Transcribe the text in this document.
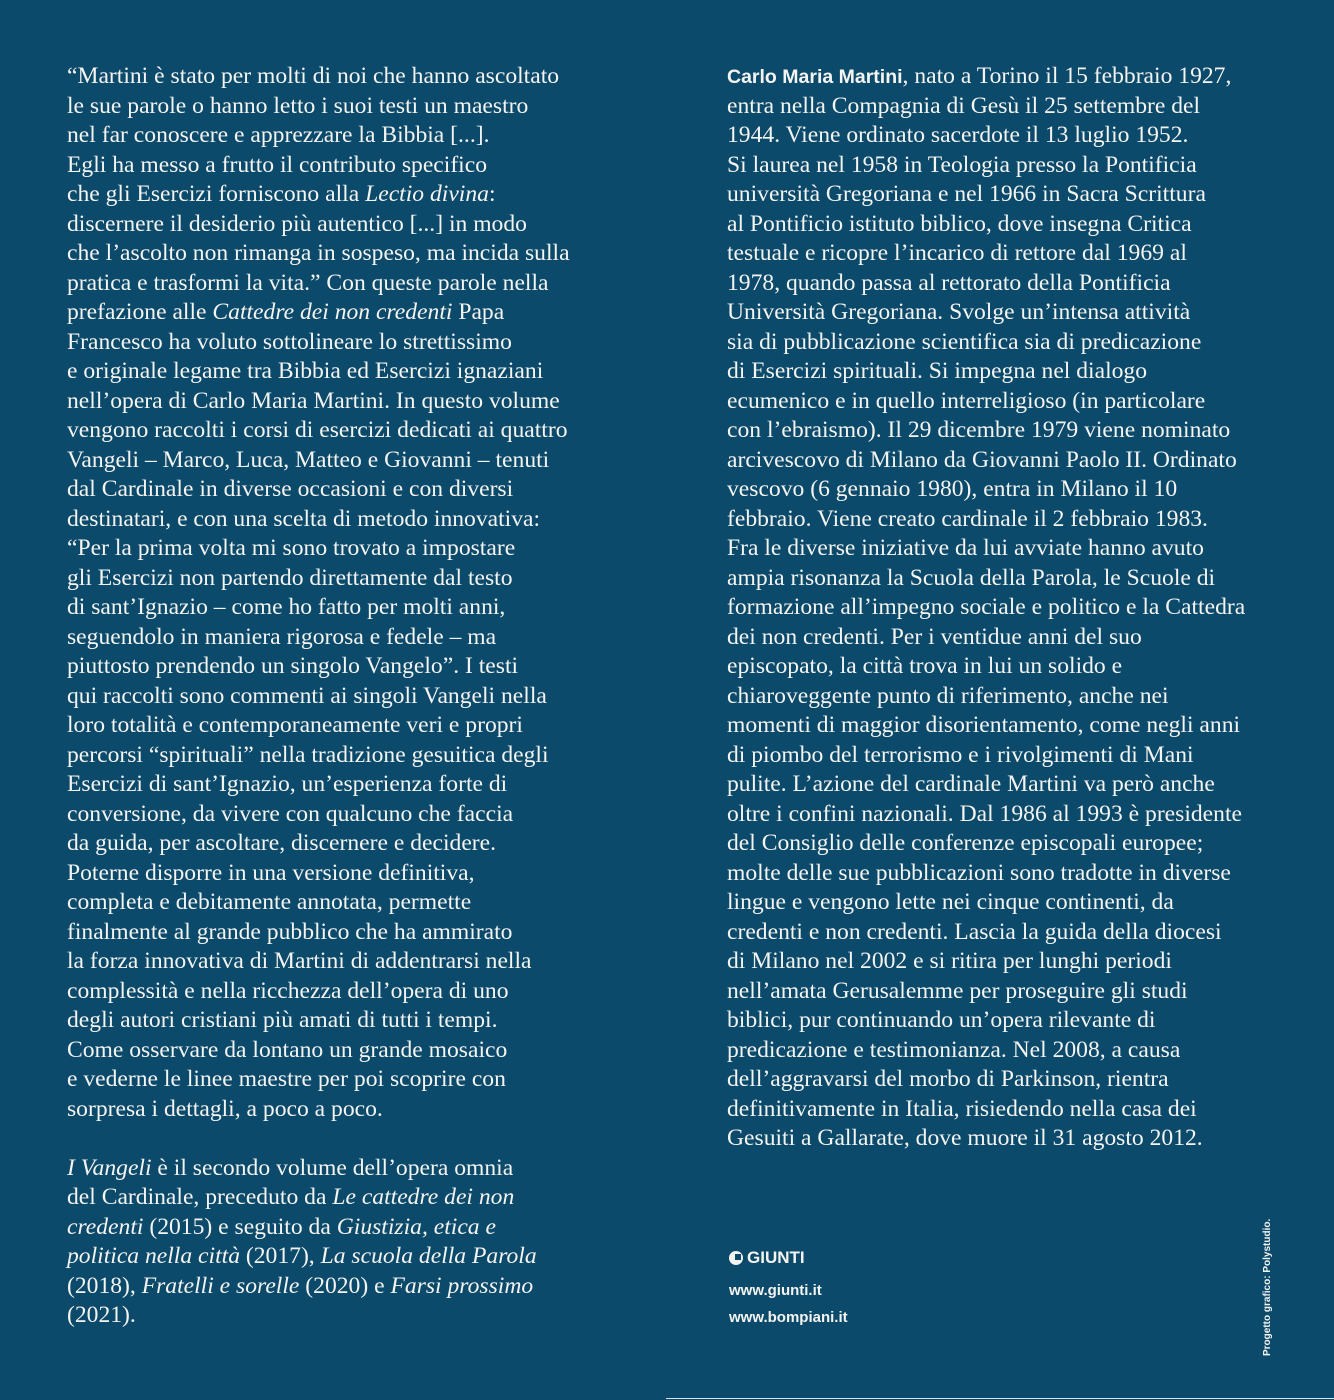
“Martini è stato per molti di noi che hanno ascoltato
le sue parole o hanno letto i suoi testi un maestro
nel far conoscere e apprezzare la Bibbia [...].
Egli ha messo a frutto il contributo specifico
che gli Esercizi forniscono alla Lectio divina:
discernere il desiderio più autentico [...] in modo
che l’ascolto non rimanga in sospeso, ma incida sulla
pratica e trasformi la vita.” Con queste parole nella
prefazione alle Cattedre dei non credenti Papa
Francesco ha voluto sottolineare lo strettissimo
e originale legame tra Bibbia ed Esercizi ignaziani
nell’opera di Carlo Maria Martini. In questo volume
vengono raccolti i corsi di esercizi dedicati ai quattro
Vangeli – Marco, Luca, Matteo e Giovanni – tenuti
dal Cardinale in diverse occasioni e con diversi
destinatari, e con una scelta di metodo innovativa:
“Per la prima volta mi sono trovato a impostare
gli Esercizi non partendo direttamente dal testo
di sant’Ignazio – come ho fatto per molti anni,
seguendolo in maniera rigorosa e fedele – ma
piuttosto prendendo un singolo Vangelo”. I testi
qui raccolti sono commenti ai singoli Vangeli nella
loro totalità e contemporaneamente veri e propri
percorsi “spirituali” nella tradizione gesuitica degli
Esercizi di sant’Ignazio, un’esperienza forte di
conversione, da vivere con qualcuno che faccia
da guida, per ascoltare, discernere e decidere.
Poterne disporre in una versione definitiva,
completa e debitamente annotata, permette
finalmente al grande pubblico che ha ammirato
la forza innovativa di Martini di addentrarsi nella
complessità e nella ricchezza dell’opera di uno
degli autori cristiani più amati di tutti i tempi.
Come osservare da lontano un grande mosaico
e vederne le linee maestre per poi scoprire con
sorpresa i dettagli, a poco a poco.
I Vangeli è il secondo volume dell’opera omnia
del Cardinale, preceduto da Le cattedre dei non
credenti (2015) e seguito da Giustizia, etica e
politica nella città (2017), La scuola della Parola
(2018), Fratelli e sorelle (2020) e Farsi prossimo
(2021).
Carlo Maria Martini, nato a Torino il 15 febbraio 1927,
entra nella Compagnia di Gesù il 25 settembre del
1944. Viene ordinato sacerdote il 13 luglio 1952.
Si laurea nel 1958 in Teologia presso la Pontificia
università Gregoriana e nel 1966 in Sacra Scrittura
al Pontificio istituto biblico, dove insegna Critica
testuale e ricopre l’incarico di rettore dal 1969 al
1978, quando passa al rettorato della Pontificia
Università Gregoriana. Svolge un’intensa attività
sia di pubblicazione scientifica sia di predicazione
di Esercizi spirituali. Si impegna nel dialogo
ecumenico e in quello interreligioso (in particolare
con l’ebraismo). Il 29 dicembre 1979 viene nominato
arcivescovo di Milano da Giovanni Paolo II. Ordinato
vescovo (6 gennaio 1980), entra in Milano il 10
febbraio. Viene creato cardinale il 2 febbraio 1983.
Fra le diverse iniziative da lui avviate hanno avuto
ampia risonanza la Scuola della Parola, le Scuole di
formazione all’impegno sociale e politico e la Cattedra
dei non credenti. Per i ventidue anni del suo
episcopato, la città trova in lui un solido e
chiaroveggente punto di riferimento, anche nei
momenti di maggior disorientamento, come negli anni
di piombo del terrorismo e i rivolgimenti di Mani
pulite. L’azione del cardinale Martini va però anche
oltre i confini nazionali. Dal 1986 al 1993 è presidente
del Consiglio delle conferenze episcopali europee;
molte delle sue pubblicazioni sono tradotte in diverse
lingue e vengono lette nei cinque continenti, da
credenti e non credenti. Lascia la guida della diocesi
di Milano nel 2002 e si ritira per lunghi periodi
nell’amata Gerusalemme per proseguire gli studi
biblici, pur continuando un’opera rilevante di
predicazione e testimonianza. Nel 2008, a causa
dell’aggravarsi del morbo di Parkinson, rientra
definitivamente in Italia, risiedendo nella casa dei
Gesuiti a Gallarate, dove muore il 31 agosto 2012.
GIUNTI
www.giunti.it
www.bompiani.it	Progetto grafico: Polystudio.
